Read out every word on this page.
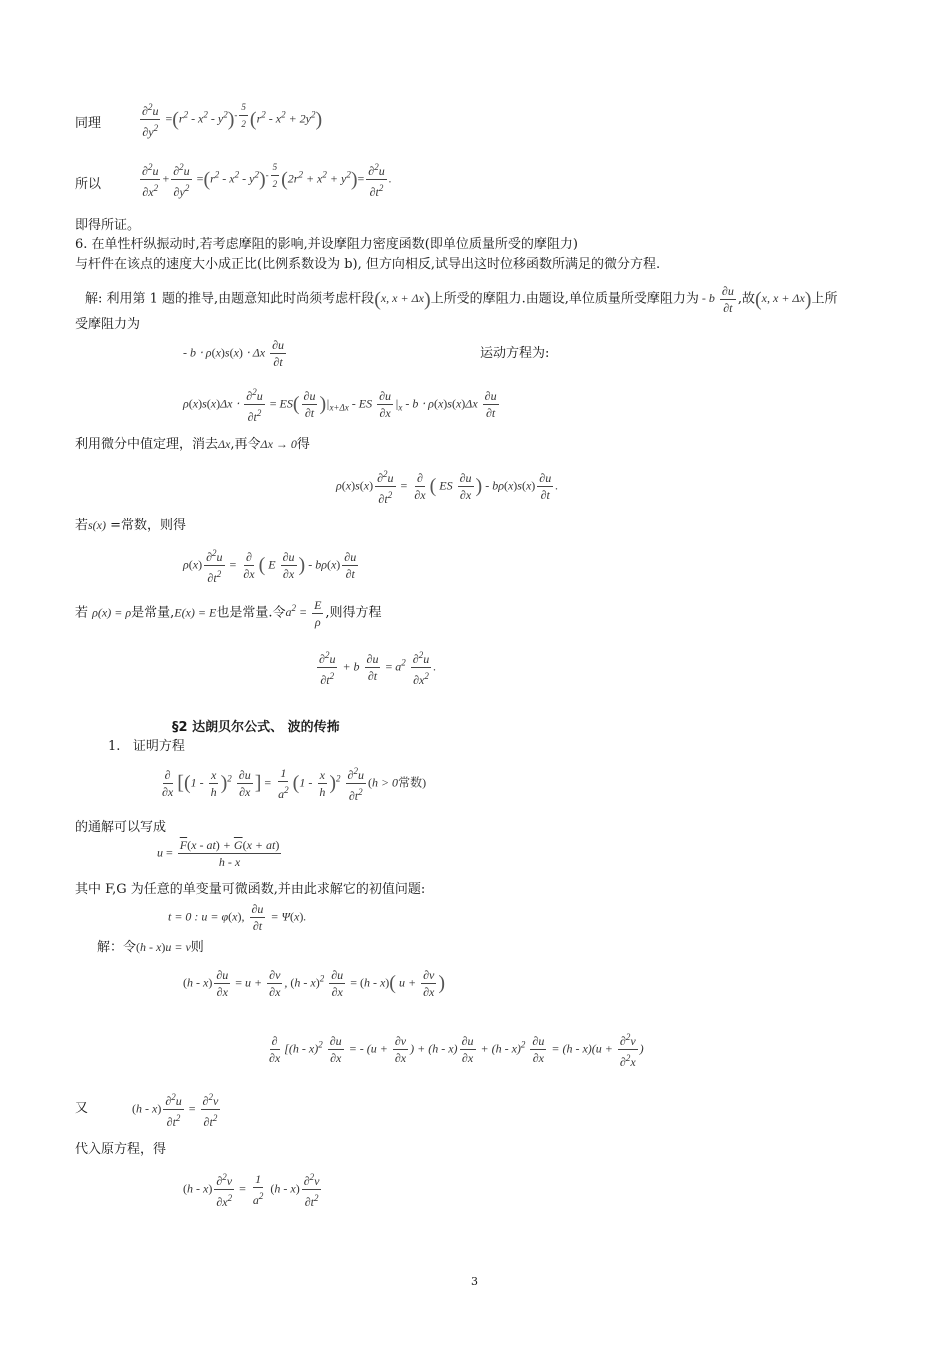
同理	$\frac{\partial^2u}{\partial y^2} =(r^2 - x^2 - y^2)^{- \frac{5}{2}}$ $(r^2 - x^2 + 2y^2)$
所以	$\frac{\partial^2u}{\partial x^2} + \frac{\partial^2u}{\partial y^2} =(r^2 - x^2 - y^2)^{- \frac{5}{2}}$ $(2r^2 + x^2 + y^2)= \frac{\partial^2u}{\partial t^2}$ .
即得所证。
6. 在单性杆纵振动时,若考虑摩阻的影响,并设摩阻力密度函数(即单位质量所受的摩阻力)
与杆件在该点的速度大小成正比(比例系数设为 b), 但方向相反,试导出这时位移函数所满足的微分方程.
解: 利用第 1 题的推导,由题意知此时尚须考虑杆段(x, x + Δx)上所受的摩阻力.由题设,单位质量所受摩阻力为 - b $\frac{\partial u}{\partial t}$ ,故(x, x + Δx)上所
受摩阻力为
- b ⋅ ρ(x)s(x) ⋅ Δx $\frac{\partial u}{\partial t}$	运动方程为:
$\rho(x)s(x)\Delta x \cdot \frac{\partial^2u}{\partial t^2} = ES( \frac{\partial u}{\partial t} )|_{x+\Delta x}$ - ES $\frac{\partial u}{\partial x} |_x - b \cdot \rho(x)s(x)\Delta x \frac{\partial u}{\partial t}$
利用微分中值定理，消去Δx,再令Δx → 0得
$\rho(x)s(x) \frac{\partial^2u}{\partial t^2} = \frac{\partial}{\partial x}$ ( ES $\frac{\partial u}{\partial x}$ ) - $b\rho(x)s(x) \frac{\partial u}{\partial t}$ .
若s(x) =常数，则得
$\rho(x) \frac{\partial^2u}{\partial t^2} = \frac{\partial}{\partial x}$ ( E $\frac{\partial u}{\partial x}$ ) - $b\rho(x) \frac{\partial u}{\partial t}$
若 ρ(x) = ρ是常量,E(x) = E也是常量.令$a^2 = \frac{E}{\rho}$ ,则得方程
$\frac{\partial^2u}{\partial t^2} + b \frac{\partial u}{\partial t} = a^2 \frac{\partial^2u}{\partial x^2}$ .
§2 达朗贝尔公式、 波的传抪
1. 证明方程
$\frac{\partial}{\partial x} [(1 - \frac{x}{h} )^2 \frac{\partial u}{\partial x}$ ] = $\frac{1}{a^2} (1 - \frac{x}{h} )^2 \frac{\partial^2u}{\partial t^2} (h > 0$常数)
的通解可以写成
$u = \frac{\overline{F}(x - at) + \overline{G}(x + at)}{h - x}$
其中 F,G 为任意的单变量可微函数,并由此求解它的初值问题:
t = 0 : u = φ(x), $\frac{\partial u}{\partial t} = \Psi(x)$.
解：令(h - x)u = v则
$(h - x) \frac{\partial u}{\partial x} = u + \frac{\partial v}{\partial x}$ , $(h - x)^2 \frac{\partial u}{\partial x} = (h - x)$( $u + \frac{\partial v}{\partial x}$ )
$\frac{\partial}{\partial x} [(h - x)^2 \frac{\partial u}{\partial x}$ = - ($u + \frac{\partial v}{\partial x}$ ) + $(h - x) \frac{\partial u}{\partial x} + (h - x)^2 \frac{\partial u}{\partial x} = (h - x)(u + \frac{\partial^2v}{\partial^2x}$ )
又	$(h - x) \frac{\partial^2u}{\partial t^2} = \frac{\partial^2v}{\partial t^2}$
代入原方程，得
$(h - x) \frac{\partial^2v}{\partial x^2} = \frac{1}{a^2} (h - x) \frac{\partial^2v}{\partial t^2}$
3
